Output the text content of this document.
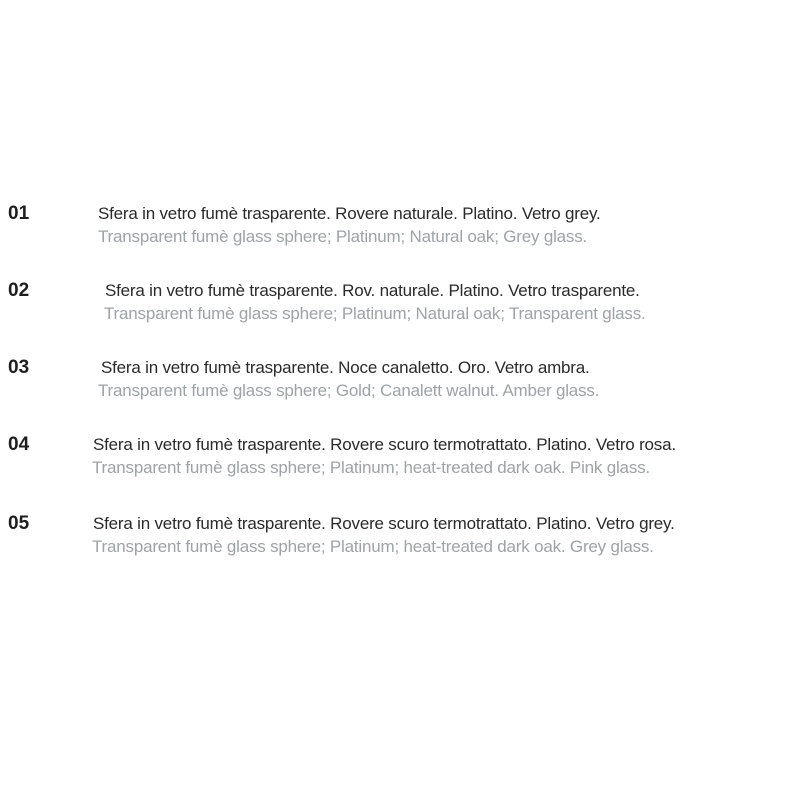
01	Sfera in vetro fumè trasparente. Rovere naturale. Platino. Vetro grey.
Transparent fumè glass sphere; Platinum; Natural oak; Grey glass.
02	Sfera in vetro fumè trasparente. Rov. naturale. Platino. Vetro trasparente.
Transparent fumè glass sphere; Platinum; Natural oak; Transparent glass.
03	Sfera in vetro fumè trasparente. Noce canaletto. Oro. Vetro ambra.
Transparent fumè glass sphere; Gold; Canalett walnut. Amber glass.
04	Sfera in vetro fumè trasparente. Rovere scuro termotrattato. Platino. Vetro rosa.
Transparent fumè glass sphere; Platinum; heat-treated dark oak. Pink glass.
05	Sfera in vetro fumè trasparente. Rovere scuro termotrattato. Platino. Vetro grey.
Transparent fumè glass sphere; Platinum; heat-treated dark oak. Grey glass.
